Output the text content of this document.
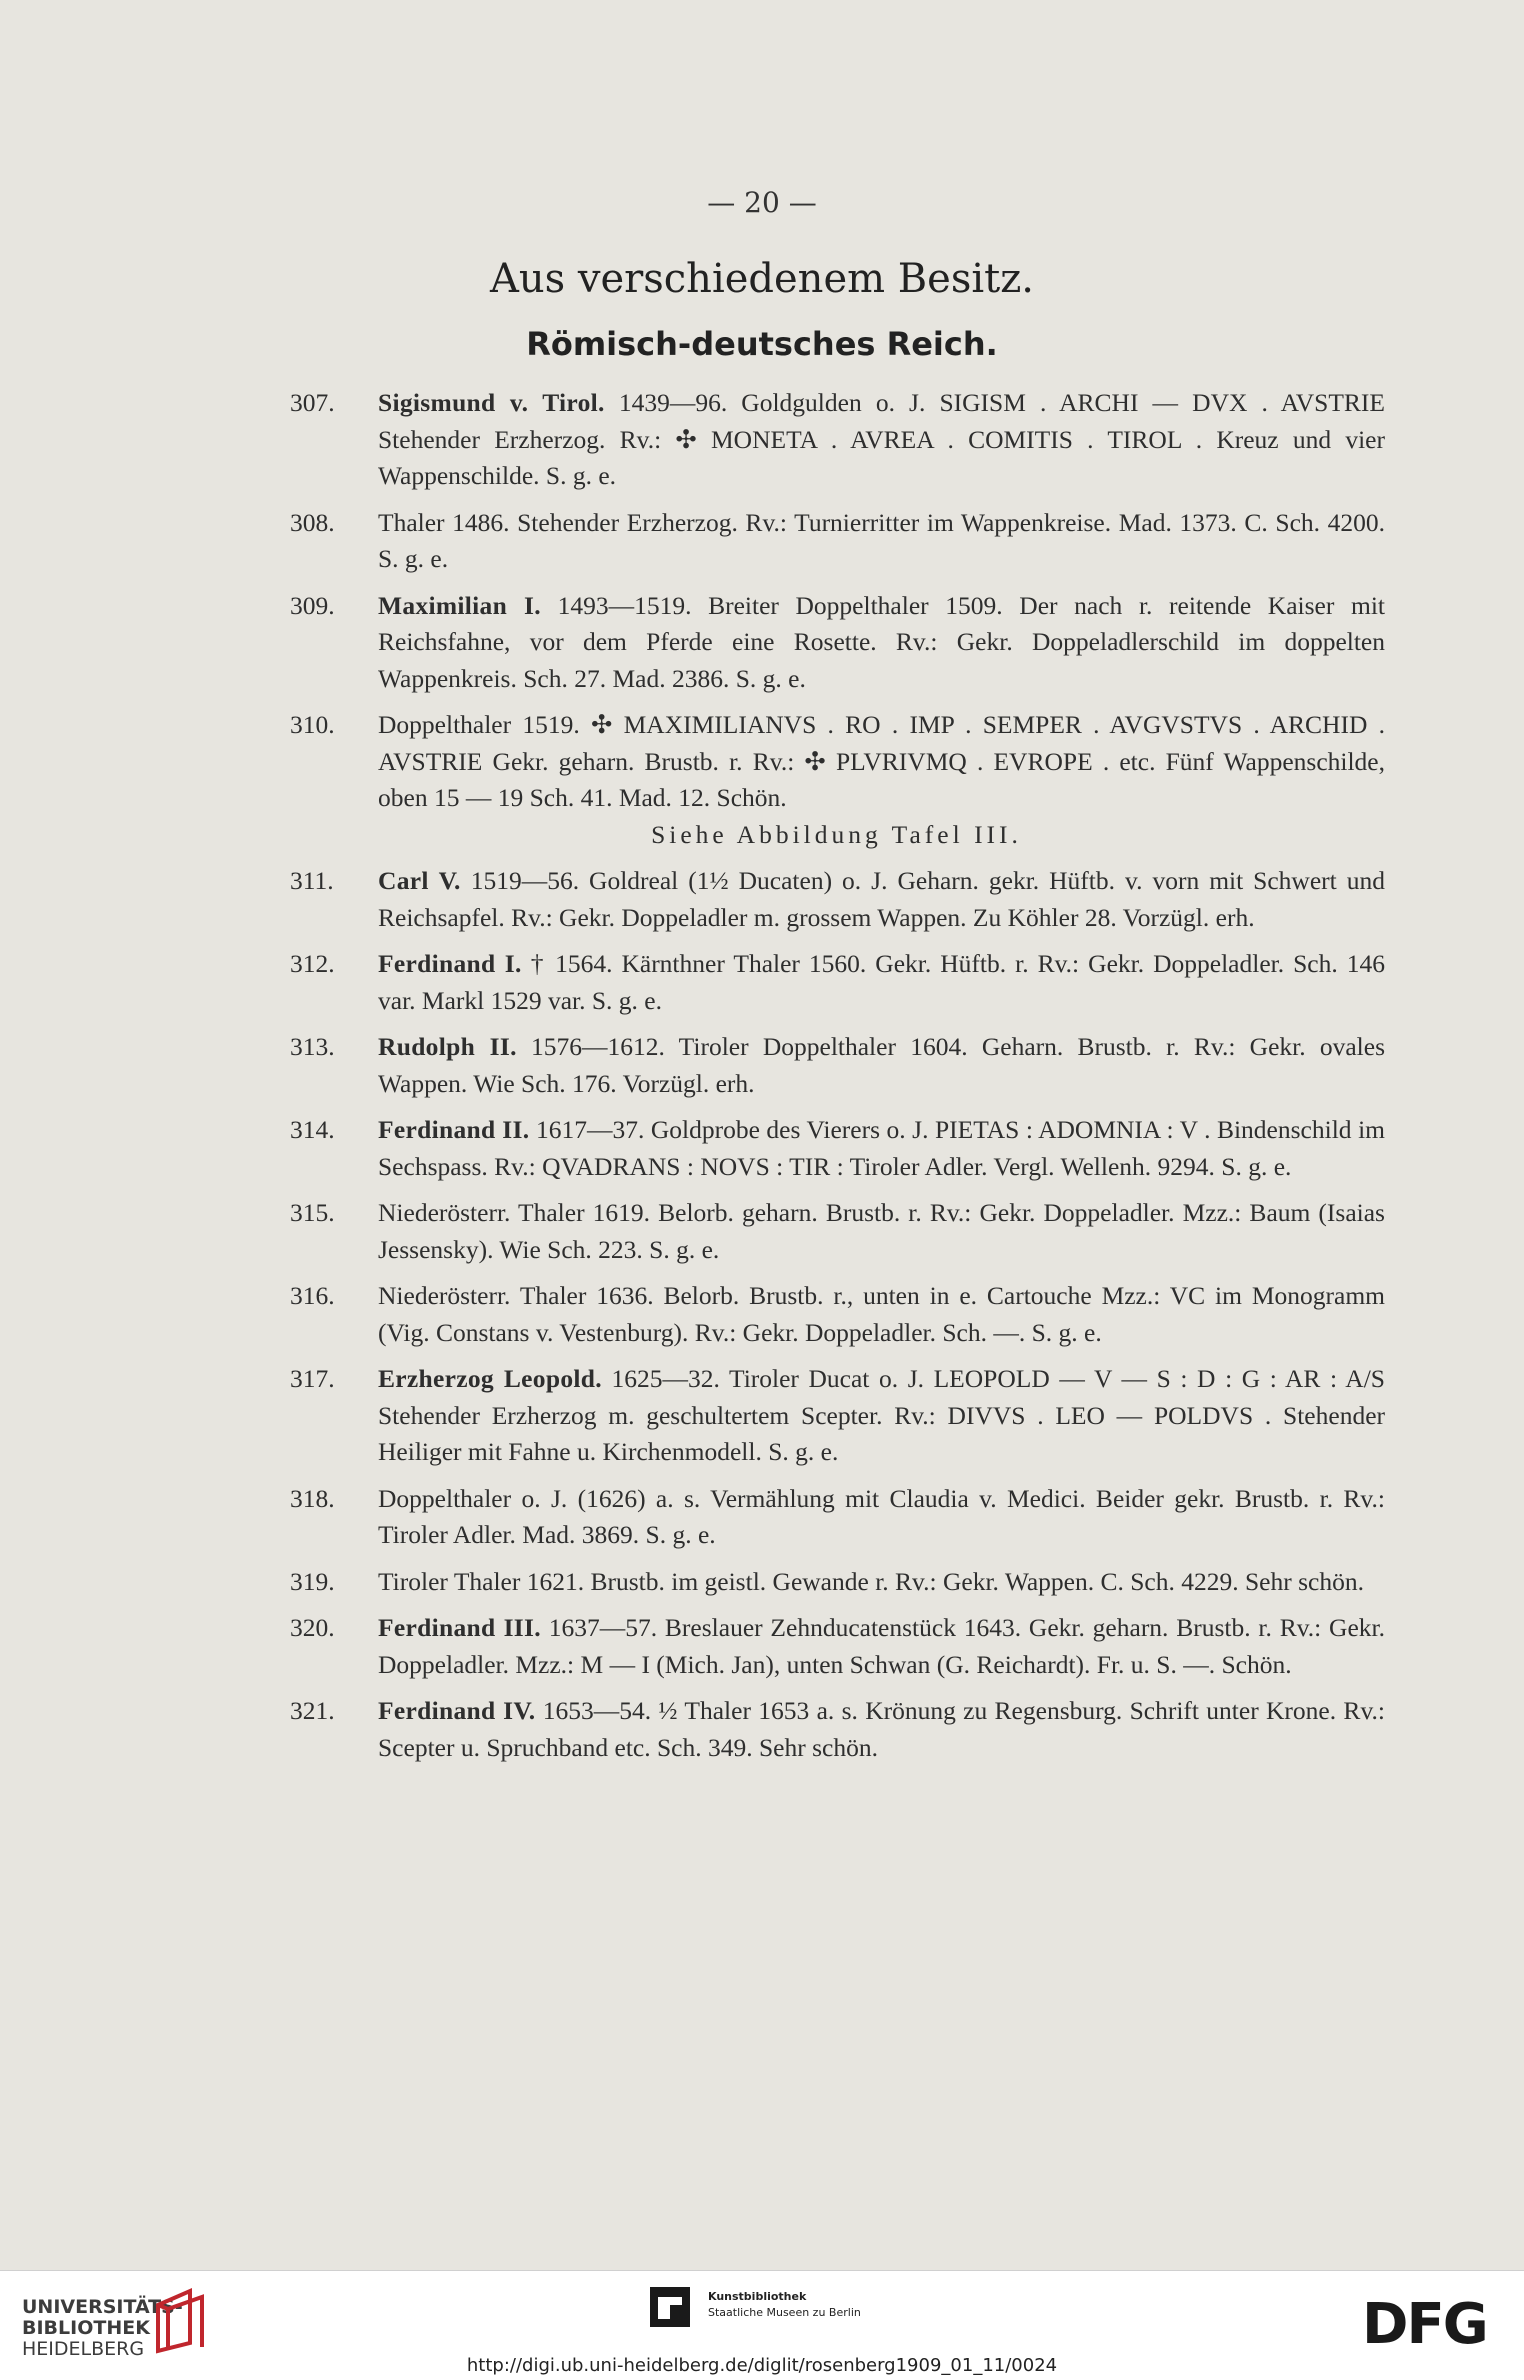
— 20 —
Aus verschiedenem Besitz.
Römisch-deutsches Reich.
307. Sigismund v. Tirol. 1439—96. Goldgulden o. J. SIGISM . ARCHI — DVX . AVSTRIE Stehender Erzherzog. Rv.: ✣ MONETA . AVREA . COMITIS . TIROL . Kreuz und vier Wappenschilde. S. g. e.
308. Thaler 1486. Stehender Erzherzog. Rv.: Turnierritter im Wappenkreise. Mad. 1373. C. Sch. 4200. S. g. e.
309. Maximilian I. 1493—1519. Breiter Doppelthaler 1509. Der nach r. reitende Kaiser mit Reichsfahne, vor dem Pferde eine Rosette. Rv.: Gekr. Doppeladlerschild im doppelten Wappenkreis. Sch. 27. Mad. 2386. S. g. e.
310. Doppelthaler 1519. ✣ MAXIMILIANVS . RO . IMP . SEMPER . AVGVSTVS . ARCHID . AVSTRIE Gekr. geharn. Brustb. r. Rv.: ✣ PLVRIVMQ . EVROPE . etc. Fünf Wappenschilde, oben 15 — 19 Sch. 41. Mad. 12. Schön.
Siehe Abbildung Tafel III.
311. Carl V. 1519—56. Goldreal (1½ Ducaten) o. J. Geharn. gekr. Hüftb. v. vorn mit Schwert und Reichsapfel. Rv.: Gekr. Doppeladler m. grossem Wappen. Zu Köhler 28. Vorzügl. erh.
312. Ferdinand I. † 1564. Kärnthner Thaler 1560. Gekr. Hüftb. r. Rv.: Gekr. Doppeladler. Sch. 146 var. Markl 1529 var. S. g. e.
313. Rudolph II. 1576—1612. Tiroler Doppelthaler 1604. Geharn. Brustb. r. Rv.: Gekr. ovales Wappen. Wie Sch. 176. Vorzügl. erh.
314. Ferdinand II. 1617—37. Goldprobe des Vierers o. J. PIETAS : ADOMNIA : V . Bindenschild im Sechspass. Rv.: QVADRANS : NOVS : TIR : Tiroler Adler. Vergl. Wellenh. 9294. S. g. e.
315. Niederösterr. Thaler 1619. Belorb. geharn. Brustb. r. Rv.: Gekr. Doppeladler. Mzz.: Baum (Isaias Jessensky). Wie Sch. 223. S. g. e.
316. Niederösterr. Thaler 1636. Belorb. Brustb. r., unten in e. Cartouche Mzz.: VC im Monogramm (Vig. Constans v. Vestenburg). Rv.: Gekr. Doppeladler. Sch. —. S. g. e.
317. Erzherzog Leopold. 1625—32. Tiroler Ducat o. J. LEOPOLD — V — S : D : G : AR : A/S Stehender Erzherzog m. geschultertem Scepter. Rv.: DIVVS . LEO — POLDVS . Stehender Heiliger mit Fahne u. Kirchenmodell. S. g. e.
318. Doppelthaler o. J. (1626) a. s. Vermählung mit Claudia v. Medici. Beider gekr. Brustb. r. Rv.: Tiroler Adler. Mad. 3869. S. g. e.
319. Tiroler Thaler 1621. Brustb. im geistl. Gewande r. Rv.: Gekr. Wappen. C. Sch. 4229. Sehr schön.
320. Ferdinand III. 1637—57. Breslauer Zehnducatenstück 1643. Gekr. geharn. Brustb. r. Rv.: Gekr. Doppeladler. Mzz.: M — I (Mich. Jan), unten Schwan (G. Reichardt). Fr. u. S. —. Schön.
321. Ferdinand IV. 1653—54. ½ Thaler 1653 a. s. Krönung zu Regensburg. Schrift unter Krone. Rv.: Scepter u. Spruchband etc. Sch. 349. Sehr schön.
UNIVERSITÄTS-
BIBLIOTHEK
HEIDELBERG
Kunstbibliothek
Staatliche Museen zu Berlin	DFG
http://digi.ub.uni-heidelberg.de/diglit/rosenberg1909_01_11/0024
